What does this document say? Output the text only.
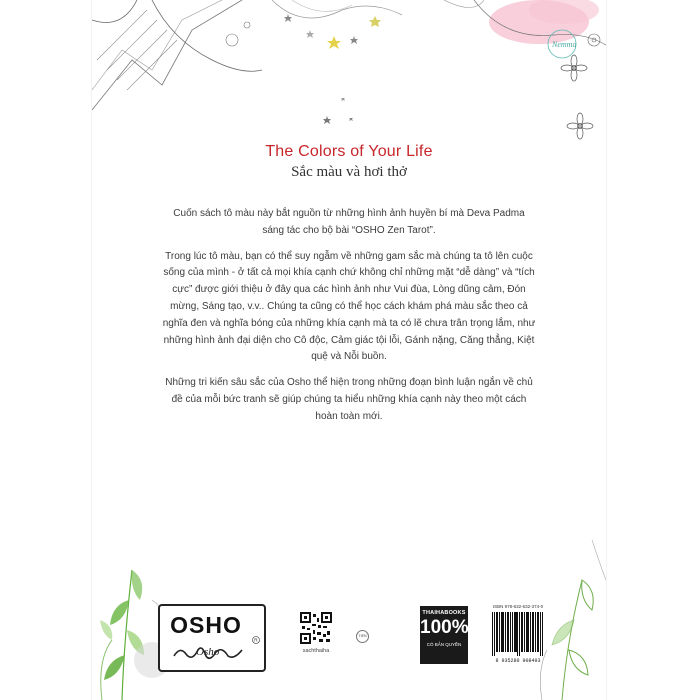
Nemma
The Colors of Your Life
Sắc màu và hơi thở

Cuốn sách tô màu này bắt nguồn từ những hình ảnh huyền bí mà Deva Padma sáng tác cho bộ bài “OSHO Zen Tarot”.

Trong lúc tô màu, bạn có thể suy ngẫm về những gam sắc mà chúng ta tô lên cuộc sống của mình - ở tất cả mọi khía cạnh chứ không chỉ những mặt “dễ dàng” và “tích cực” được giới thiệu ở đây qua các hình ảnh như Vui đùa, Lòng dũng cảm, Đón mừng, Sáng tạo, v.v.. Chúng ta cũng có thể học cách khám phá màu sắc theo cả nghĩa đen và nghĩa bóng của những khía cạnh mà ta có lẽ chưa trân trọng lắm, như những hình ảnh đại diện cho Cô độc, Cảm giác tội lỗi, Gánh nặng, Căng thẳng, Kiệt quệ và Nỗi buồn.

Những tri kiến sâu sắc của Osho thể hiện trong những đoạn bình luận ngắn về chủ đề của mỗi bức tranh sẽ giúp chúng ta hiểu những khía cạnh này theo một cách hoàn toàn mới.

OSHO
Osho
R
sachthaiha
TIEN
THAIHABOOKS
100%
CÓ BẢN QUYỀN
ISBN 978-632-632-374-0
8 935280 908493
